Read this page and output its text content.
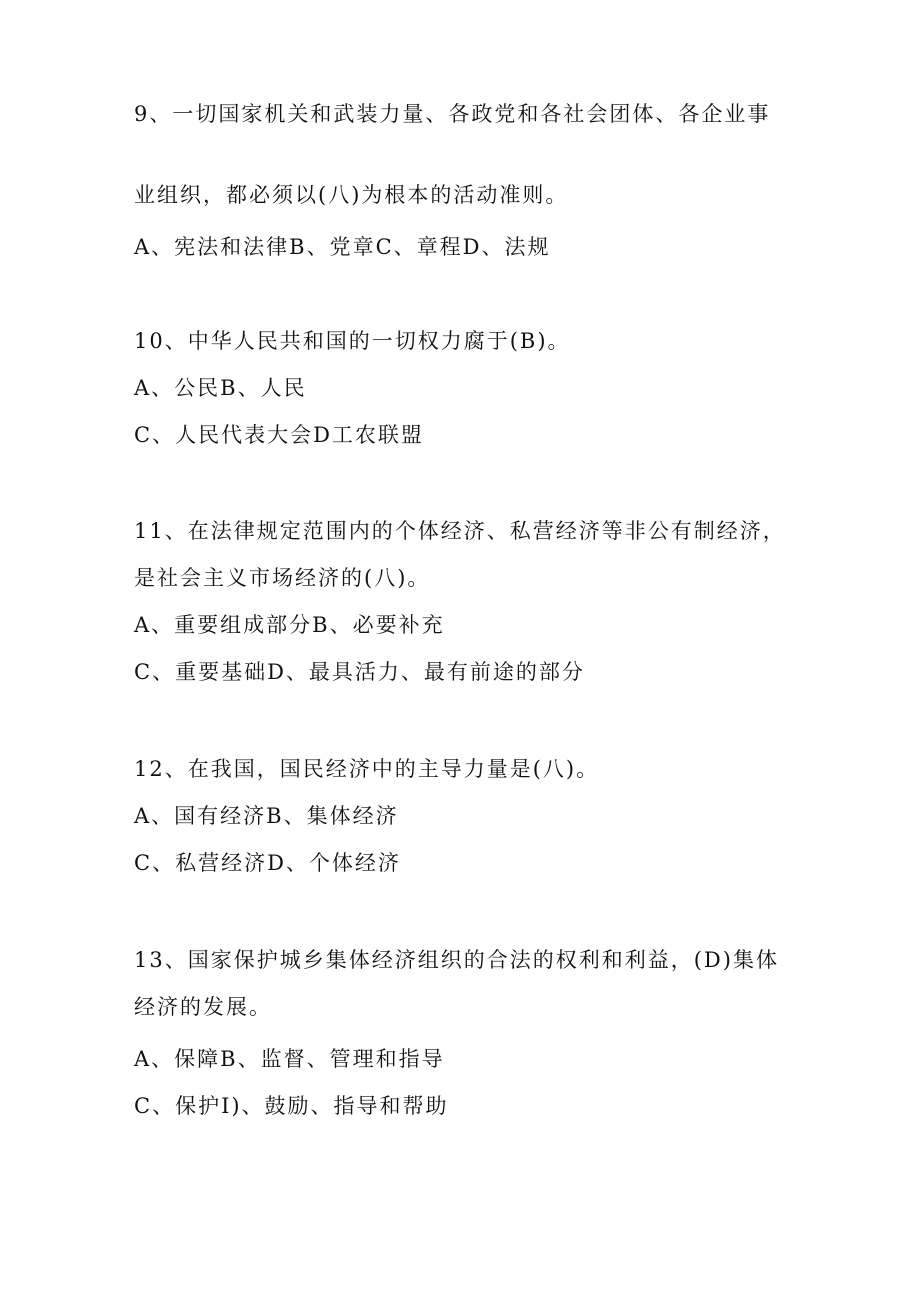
9、一切国家机关和武装力量、各政党和各社会团体、各企业事
业组织，都必须以(八)为根本的活动准则。
A、宪法和法律B、党章C、章程D、法规
10、中华人民共和国的一切权力腐于(B)。
A、公民B、人民
C、人民代表大会D工农联盟
11、在法律规定范围内的个体经济、私营经济等非公有制经济，
是社会主义市场经济的(八)。
A、重要组成部分B、必要补充
C、重要基础D、最具活力、最有前途的部分
12、在我国，国民经济中的主导力量是(八)。
A、国有经济B、集体经济
C、私营经济D、个体经济
13、国家保护城乡集体经济组织的合法的权利和利益，(D)集体
经济的发展。
A、保障B、监督、管理和指导
C、保护I)、鼓励、指导和帮助
